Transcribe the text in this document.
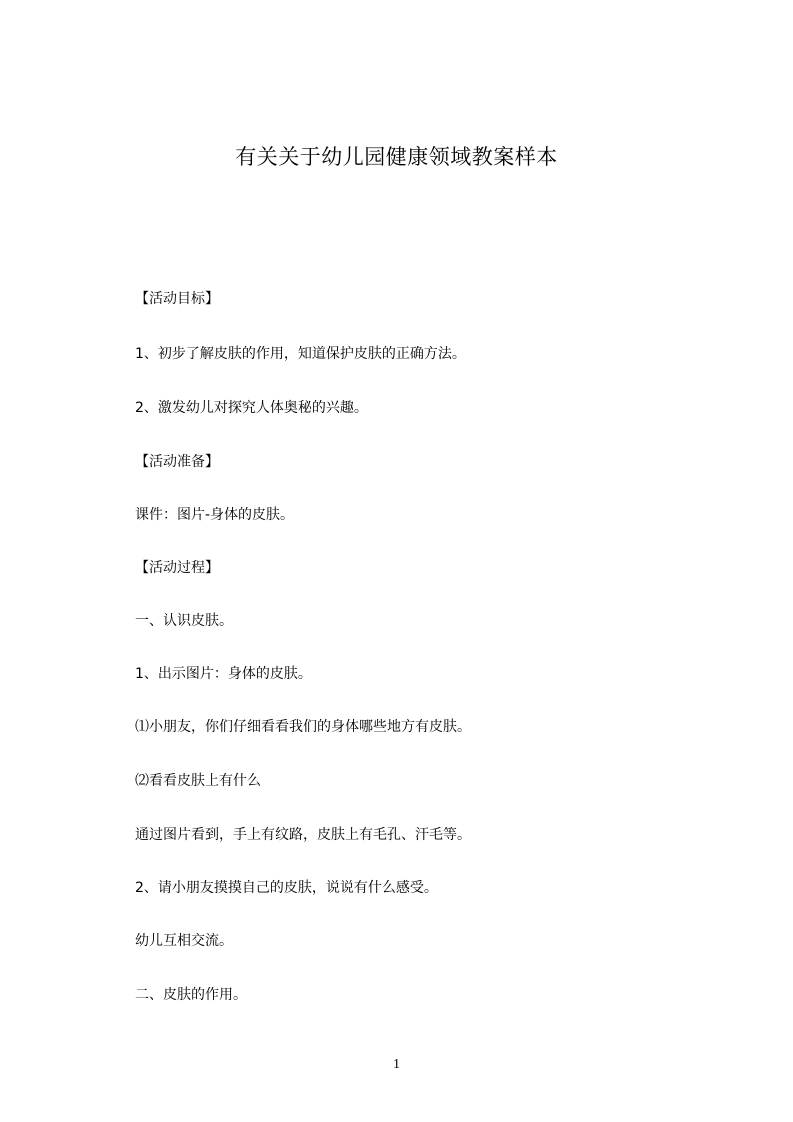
有关关于幼儿园健康领域教案样本
【活动目标】
1、初步了解皮肤的作用，知道保护皮肤的正确方法。
2、激发幼儿对探究人体奥秘的兴趣。
【活动准备】
课件：图片-身体的皮肤。
【活动过程】
一、认识皮肤。
1、出示图片：身体的皮肤。
⑴小朋友，你们仔细看看我们的身体哪些地方有皮肤。
⑵看看皮肤上有什么
通过图片看到，手上有纹路，皮肤上有毛孔、汗毛等。
2、请小朋友摸摸自己的皮肤，说说有什么感受。
幼儿互相交流。
二、皮肤的作用。
1
